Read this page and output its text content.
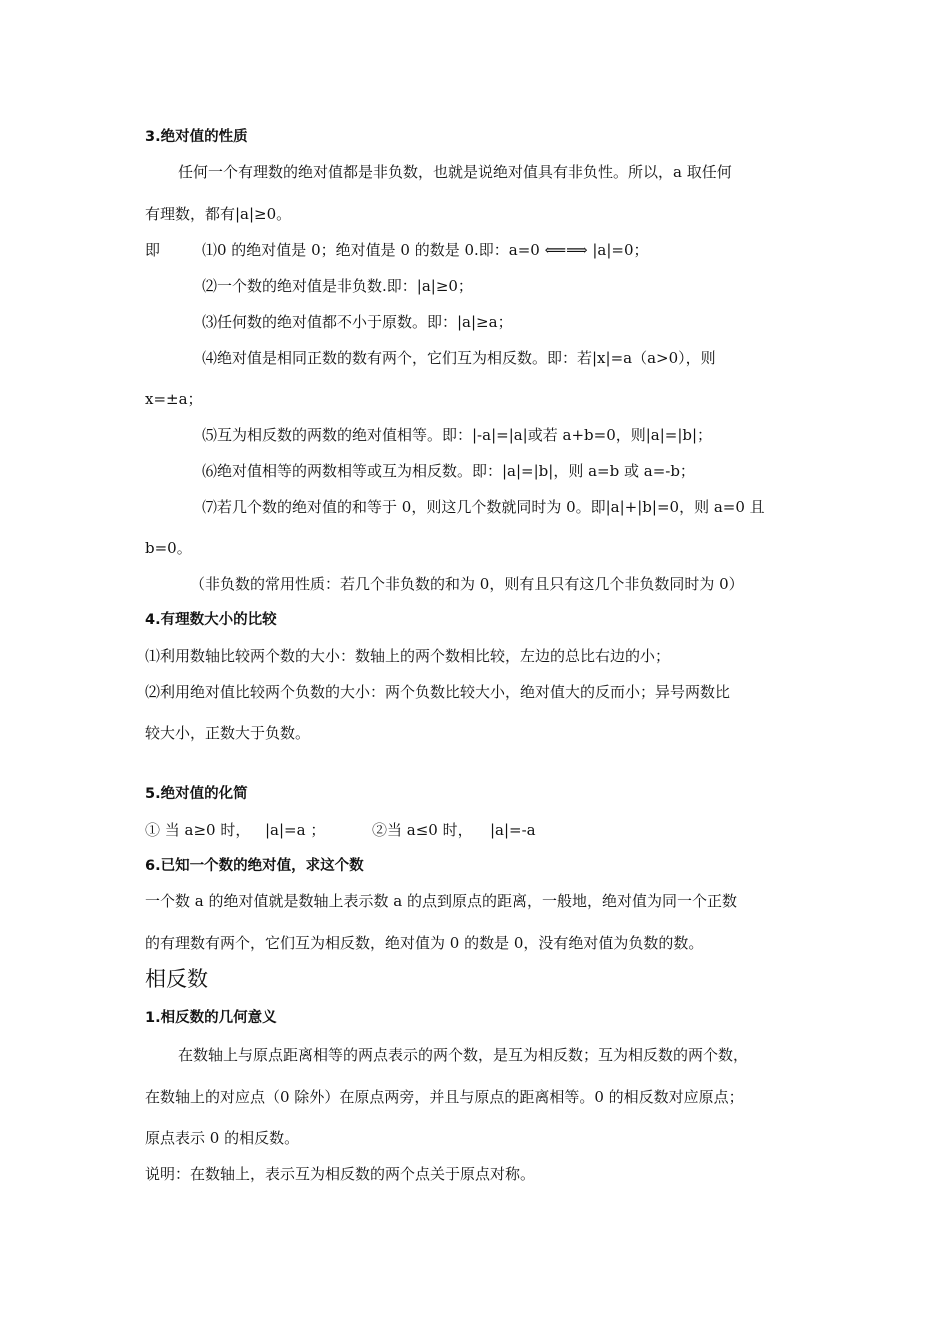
3.绝对值的性质
任何一个有理数的绝对值都是非负数，也就是说绝对值具有非负性。所以，a 取任何
有理数，都有|a|≥0。
即	⑴0 的绝对值是 0；绝对值是 0 的数是 0.即：a=0 ⟸⟹ |a|=0；
⑵一个数的绝对值是非负数.即：|a|≥0；
⑶任何数的绝对值都不小于原数。即：|a|≥a；
⑷绝对值是相同正数的数有两个，它们互为相反数。即：若|x|=a（a>0），则
x=±a；
⑸互为相反数的两数的绝对值相等。即：|-a|=|a|或若 a+b=0，则|a|=|b|；
⑹绝对值相等的两数相等或互为相反数。即：|a|=|b|，则 a=b 或 a=-b；
⑺若几个数的绝对值的和等于 0，则这几个数就同时为 0。即|a|+|b|=0，则 a=0 且
b=0。
（非负数的常用性质：若几个非负数的和为 0，则有且只有这几个非负数同时为 0）
4.有理数大小的比较
⑴利用数轴比较两个数的大小：数轴上的两个数相比较，左边的总比右边的小；
⑵利用绝对值比较两个负数的大小：两个负数比较大小，绝对值大的反而小；异号两数比
较大小，正数大于负数。
5.绝对值的化简
① 当 a≥0 时， |a|=a ；	②当 a≤0 时， |a|=-a
6.已知一个数的绝对值，求这个数
一个数 a 的绝对值就是数轴上表示数 a 的点到原点的距离，一般地，绝对值为同一个正数
的有理数有两个，它们互为相反数，绝对值为 0 的数是 0，没有绝对值为负数的数。
相反数
1.相反数的几何意义
在数轴上与原点距离相等的两点表示的两个数，是互为相反数；互为相反数的两个数，
在数轴上的对应点（0 除外）在原点两旁，并且与原点的距离相等。0 的相反数对应原点；
原点表示 0 的相反数。
说明：在数轴上，表示互为相反数的两个点关于原点对称。
